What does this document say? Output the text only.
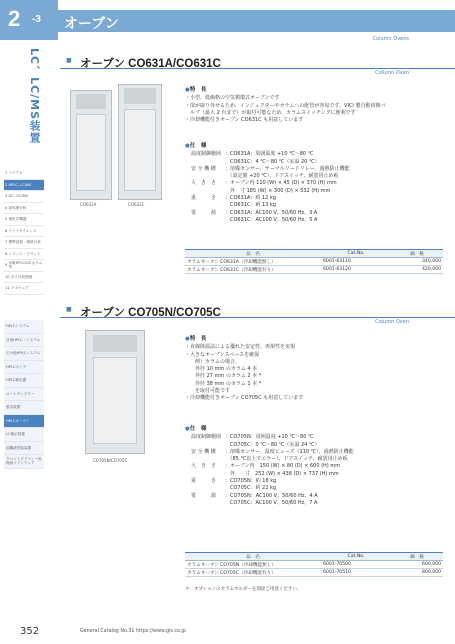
2 -3
LC、LC/MS装置
1
バイアル
2
HPLC, LC/MS
3
GC, GC/MS
4
前処理分析
5
理化学機器
6
ライフサイエンス
7
標準試薬・環境分析
8
シリンジ・ピペット
9

市販HPLC/GCカラム等
10
ガス分析関連
11
ラボウェア
HPLCシステム
分取HPLC・システム
その他HPLCシステム
HPLCポンプ
HPLC検出器
オートサンプラー
脱気装置
HPLCオーブン
LC補正装置
溶離液供給装置
クロマトグラフィー処理用ソフトウェア
オーブン
Column Ovens
■ オーブン CO631A/CO631C
Column Oven
CO631A	CO631C
●特　長
・小型、低価格の空気循環式オーブンです
・扉が取り外せるため、インジェクターやカラムへの配管が容易です。VICI 製自動切換バ
　ルブ（最大 2 台まで）が取付可能なため、カラムスイッチングに便利です
・冷却機能付きオーブン CO631C も用意しています
●仕　様
温度制御範囲 ：CO631A：周囲温度 +10 ℃～80 ℃
　CO631C：4 ℃～80 ℃（室温 20 ℃）
安 全 機 構	：溶媒センサー、サーマルリードリレー、過熱防止機能
　（設定値 +20 ℃）、ドアスイッチ、耐震用止め板
大　き　さ	：オーブン内 110 (W) × 45 (D) × 370 (H) mm
　外　寸 185 (W) × 300 (D) × 532 (H) mm
重　　　さ	：CO631A：約 12 kg
　CO631C：約 13 kg
電　　　源	：CO631A：AC100 V、50/60 Hz、3 A
　CO631C：AC100 V、50/60 Hz、5 A
品　名	Cat.No.	価　格
カラムオーブン CO631A（冷却機能無し）	6001-63110	340,000
カラムオーブン CO631C（冷却機能有り）	6001-63120	420,000
■ オーブン CO705N/CO705C
Column Oven
CO705N/CO705C
●特　長
・直線降温法による優れた安定性、再現性を実現
・大きなオーブンスペースを確保
　　例）カラムの場合、
　　外径 10 mm のカラム 4 本
　　外径 27 mm のカラム 2 本 *
　　外径 38 mm のカラム 1 本 *
　　を取付可能です
・冷却機能付きオーブン CO705C も用意しています
●仕　様
温度制御範囲 ：CO705N：周囲温度 +10 ℃～80 ℃
　CO705C：0 ℃～80 ℃（室温 24 ℃）
安 全 機 構	：溶媒センサー、温度ヒューズ（110 ℃）、過熱防止機能
　（85 ℃以上でエラー）、ドアスイッチ、耐震用止め板
大　き　さ	：オーブン内　150 (W) × 80 (D) × 600 (H) mm
　外　　寸　252 (W) × 438 (D) × 737 (H) mm
重　　　さ	：CO705N：約 18 kg
　CO705C：約 22 kg
電　　　源	：CO705N：AC100 V、50/60 Hz、4 A
　CO705C：AC100 V、50/60 Hz、7 A
品　名	Cat.No.	価　格
カラムオーブン CO705N（冷却機能無し）	6001-70500	600,000
カラムオーブン CO705C（冷却機能有り）	6001-70510	800,000
＊：オプションのカラムホルダーを別途ご用意ください。
352	General Catalog No.31 https://www.gls.co.jp
